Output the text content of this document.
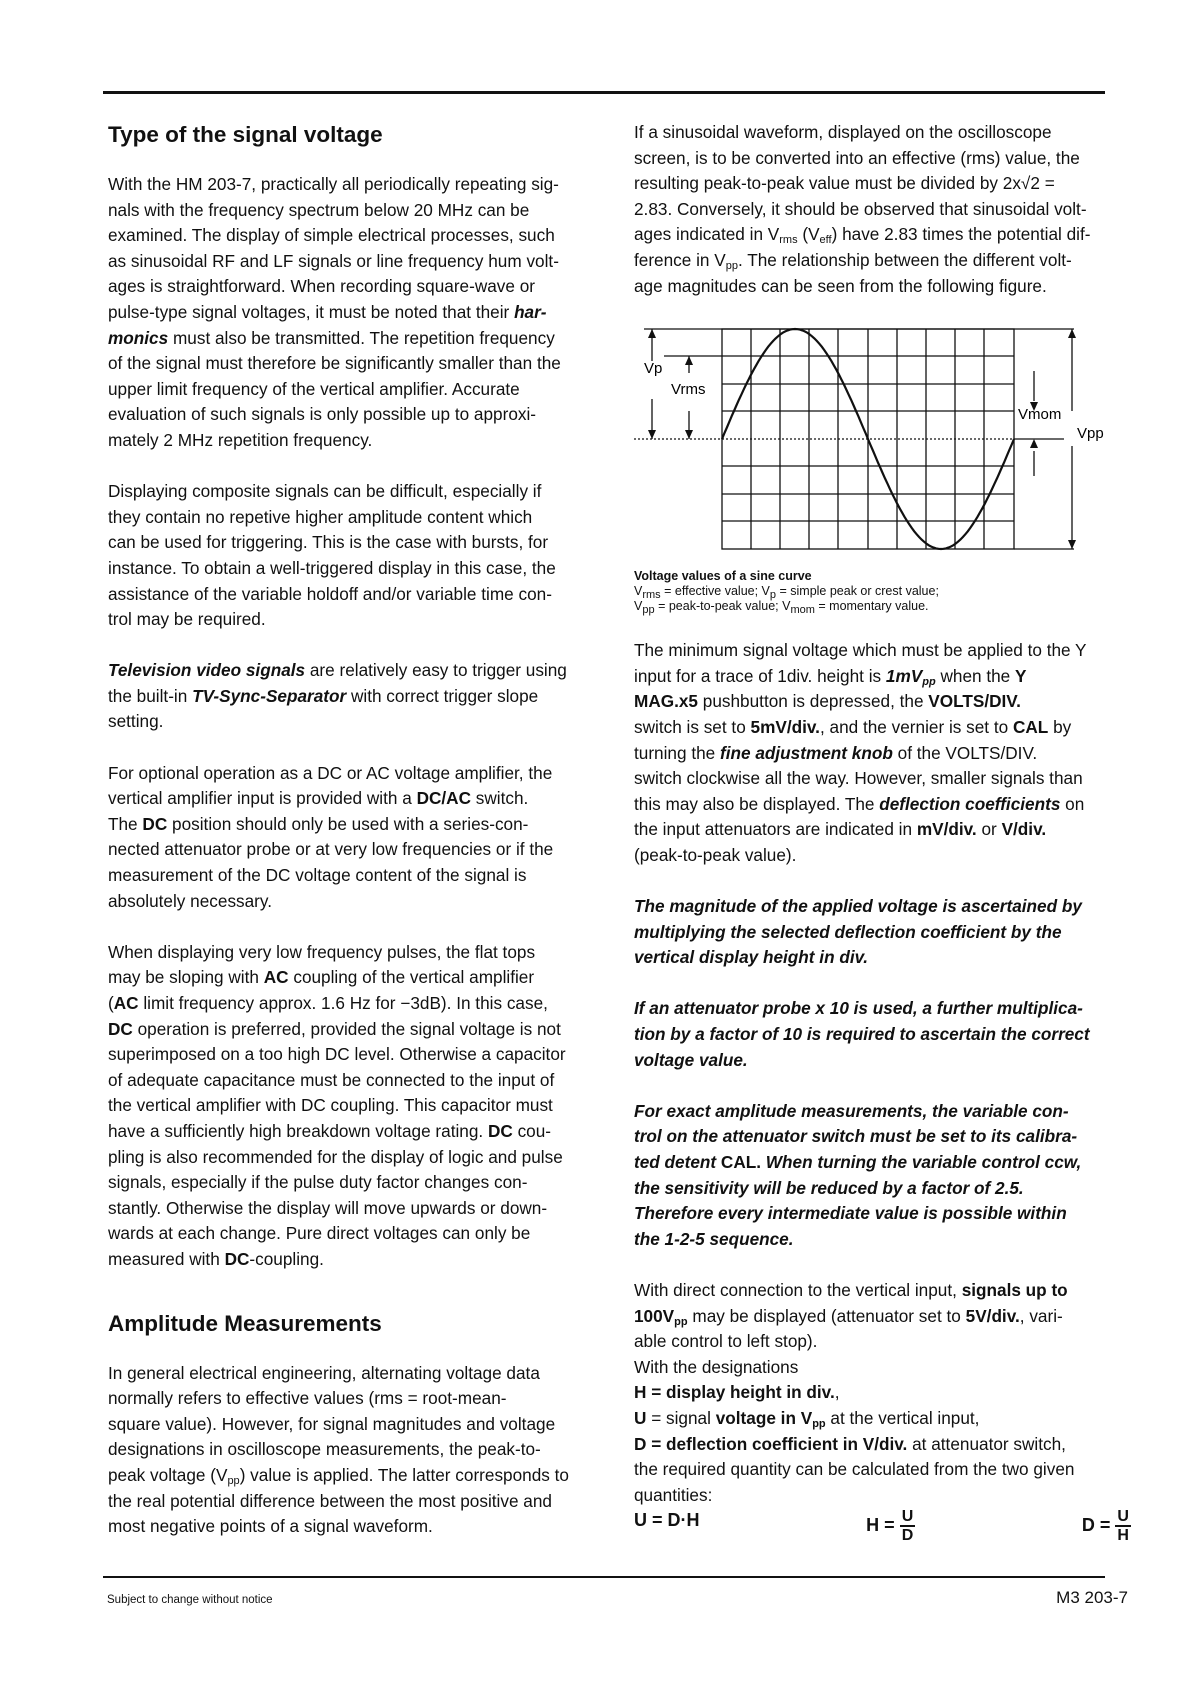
Type of the signal voltage

With the HM 203-7, practically all periodically repeating sig-
nals with the frequency spectrum below 20 MHz can be
examined. The display of simple electrical processes, such
as sinusoidal RF and LF signals or line frequency hum volt-
ages is straightforward. When recording square-wave or
pulse-type signal voltages, it must be noted that their har-
monics must also be transmitted. The repetition frequency
of the signal must therefore be significantly smaller than the
upper limit frequency of the vertical amplifier. Accurate
evaluation of such signals is only possible up to approxi-
mately 2 MHz repetition frequency.

Displaying composite signals can be difficult, especially if
they contain no repetive higher amplitude content which
can be used for triggering. This is the case with bursts, for
instance. To obtain a well-triggered display in this case, the
assistance of the variable holdoff and/or variable time con-
trol may be required.

Television video signals are relatively easy to trigger using
the built-in TV-Sync-Separator with correct trigger slope
setting.

For optional operation as a DC or AC voltage amplifier, the
vertical amplifier input is provided with a DC/AC switch.
The DC position should only be used with a series-con-
nected attenuator probe or at very low frequencies or if the
measurement of the DC voltage content of the signal is
absolutely necessary.

When displaying very low frequency pulses, the flat tops
may be sloping with AC coupling of the vertical amplifier
(AC limit frequency approx. 1.6 Hz for −3dB). In this case,
DC operation is preferred, provided the signal voltage is not
superimposed on a too high DC level. Otherwise a capacitor
of adequate capacitance must be connected to the input of
the vertical amplifier with DC coupling. This capacitor must
have a sufficiently high breakdown voltage rating. DC cou-
pling is also recommended for the display of logic and pulse
signals, especially if the pulse duty factor changes con-
stantly. Otherwise the display will move upwards or down-
wards at each change. Pure direct voltages can only be
measured with DC-coupling.

Amplitude Measurements

In general electrical engineering, alternating voltage data
normally refers to effective values (rms = root-mean-
square value). However, for signal magnitudes and voltage
designations in oscilloscope measurements, the peak-to-
peak voltage $(V_{pp})$ value is applied. The latter corresponds to
the real potential difference between the most positive and
most negative points of a signal waveform.

If a sinusoidal waveform, displayed on the oscilloscope
screen, is to be converted into an effective (rms) value, the
resulting peak-to-peak value must be divided by 2x√2 =
2.83. Conversely, it should be observed that sinusoidal volt-
ages indicated in $V_{rms}$ $(V_{eff})$ have 2.83 times the potential dif-
ference in $V_{pp}$. The relationship between the different volt-
age magnitudes can be seen from the following figure.

Vp
Vrms
Vmom
Vpp
Voltage values of a sine curve
$V_{rms}$ = effective value; $V_p$ = simple peak or crest value;
$V_{pp}$ = peak-to-peak value; $V_{mom}$ = momentary value.

The minimum signal voltage which must be applied to the Y
input for a trace of 1div. height is $1mV_{pp}$ when the Y
MAG.x5 pushbutton is depressed, the VOLTS/DIV.
switch is set to 5mV/div., and the vernier is set to CAL by
turning the fine adjustment knob of the VOLTS/DIV.
switch clockwise all the way. However, smaller signals than
this may also be displayed. The deflection coefficients on
the input attenuators are indicated in mV/div. or V/div.
(peak-to-peak value).

The magnitude of the applied voltage is ascertained by
multiplying the selected deflection coefficient by the
vertical display height in div.

If an attenuator probe x 10 is used, a further multiplica-
tion by a factor of 10 is required to ascertain the correct
voltage value.

For exact amplitude measurements, the variable con-
trol on the attenuator switch must be set to its calibra-
ted detent CAL. When turning the variable control ccw,
the sensitivity will be reduced by a factor of 2.5.
Therefore every intermediate value is possible within
the 1-2-5 sequence.

With direct connection to the vertical input, signals up to
$100V_{pp}$ may be displayed (attenuator set to 5V/div., vari-
able control to left stop).
With the designations
H = display height in div.,
U = signal voltage in $V_{pp}$ at the vertical input,
D = deflection coefficient in V/div. at attenuator switch,
the required quantity can be calculated from the two given
quantities:

U = D·H	$H = \frac{U}{D}$	$D = \frac{U}{H}$
Subject to change without notice	M3 203-7
